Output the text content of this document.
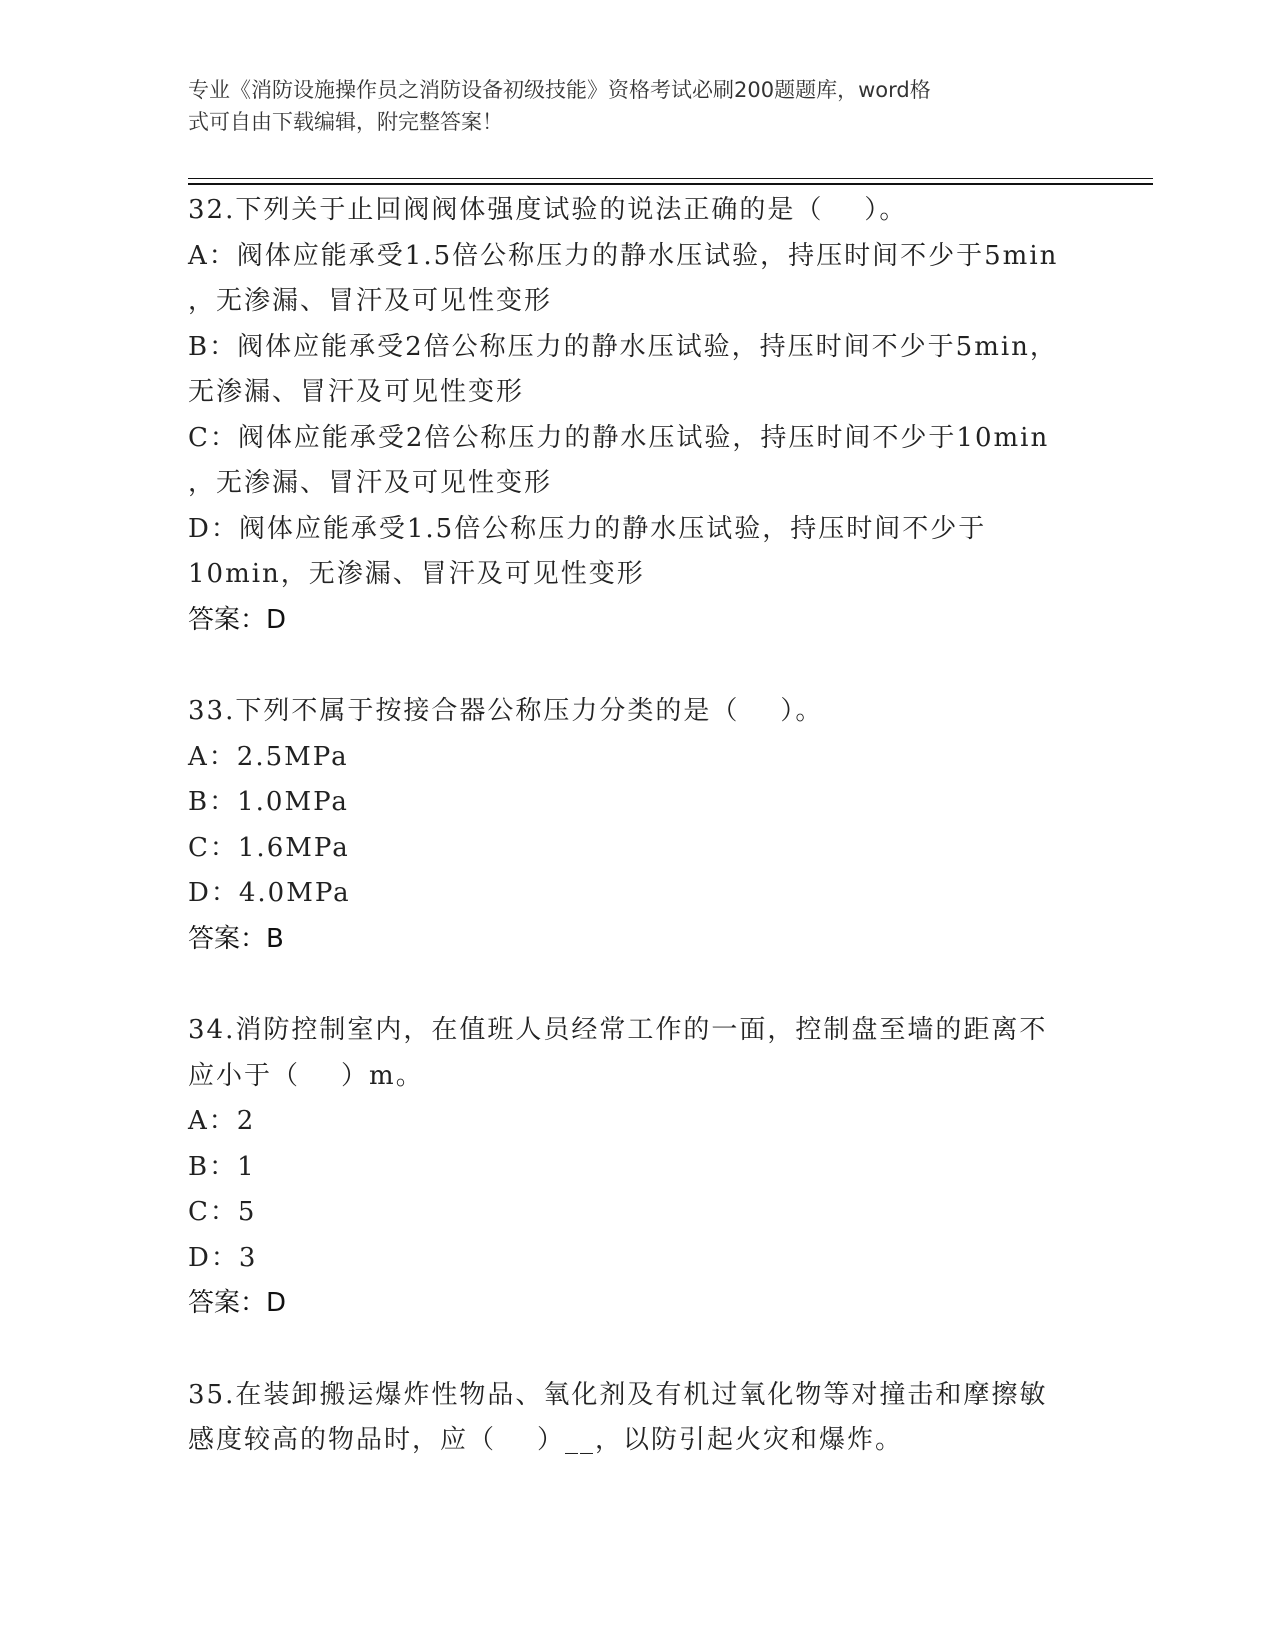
专业《消防设施操作员之消防设备初级技能》资格考试必刷200题题库，word格
式可自由下载编辑，附完整答案！
32.下列关于止回阀阀体强度试验的说法正确的是（    ）。
A：阀体应能承受1.5倍公称压力的静水压试验，持压时间不少于5min
，无渗漏、冒汗及可见性变形
B：阀体应能承受2倍公称压力的静水压试验，持压时间不少于5min，
无渗漏、冒汗及可见性变形
C：阀体应能承受2倍公称压力的静水压试验，持压时间不少于10min
，无渗漏、冒汗及可见性变形
D：阀体应能承受1.5倍公称压力的静水压试验，持压时间不少于
10min，无渗漏、冒汗及可见性变形
答案：D
33.下列不属于按接合器公称压力分类的是（    ）。
A：2.5MPa
B：1.0MPa
C：1.6MPa
D：4.0MPa
答案：B
34.消防控制室内，在值班人员经常工作的一面，控制盘至墙的距离不
应小于（    ）m。
A：2
B：1
C：5
D：3
答案：D
35.在装卸搬运爆炸性物品、氧化剂及有机过氧化物等对撞击和摩擦敏
感度较高的物品时，应（    ）__，以防引起火灾和爆炸。
